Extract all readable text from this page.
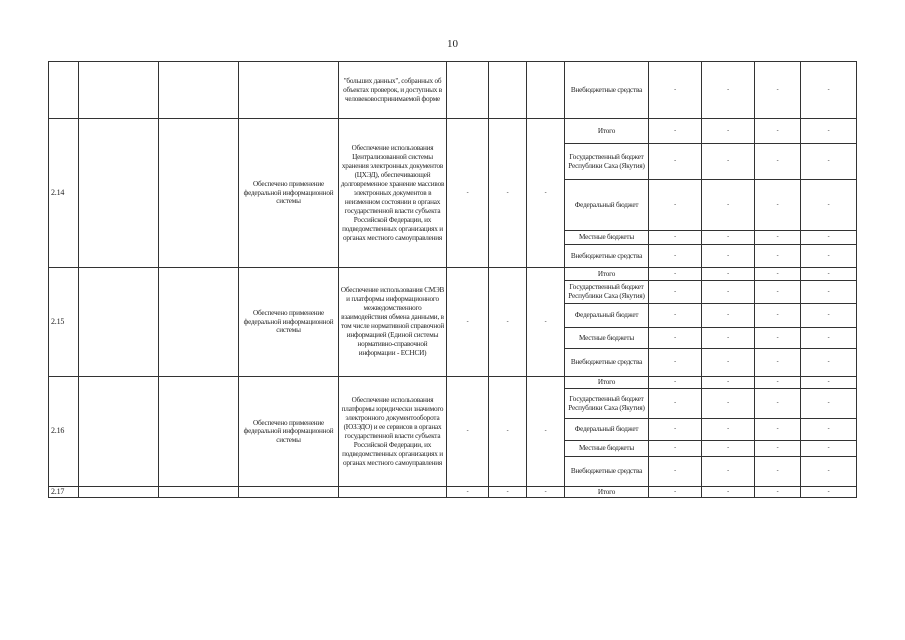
10
				"больших данных", собранных об объектах проверок, и доступных в человековоспринимаемой форме				Внебюджетные средства	-	-	-	-
2.14			Обеспечено применение федеральной информационной системы	Обеспечение использования Централизованной системы хранения электронных документов (ЦХЭД), обеспечивающей долговременное хранение массивов электронных документов в неизменном состоянии в органах государственной власти субъекта Российской Федерации, их подведомственных организациях и органах местного самоуправления	-	-	-	Итого	-	-	-	-
								Государственный бюджет Республики Саха (Якутия)	-	-	-	-
								Федеральный бюджет	-	-	-	-
								Местные бюджеты	-	-	-	-
								Внебюджетные средства	-	-	-	-
2.15			Обеспечено применение федеральной информационной системы	Обеспечение использования СМЭВ и платформы информационного межведомственного взаимодействия обмена данными, в том числе нормативной справочной информацией (Единой системы нормативно-справочной информации - ЕСНСИ)	-	-	-	Итого	-	-	-	-
								Государственный бюджет Республики Саха (Якутия)	-	-	-	-
								Федеральный бюджет	-	-	-	-
								Местные бюджеты	-	-	-	-
								Внебюджетные средства	-	-	-	-
2.16			Обеспечено применение федеральной информационной системы	Обеспечение использования платформы юридически значимого электронного документооборота (ЮЗЭДО) и ее сервисов в органах государственной власти субъекта Российской Федерации, их подведомственных организациях и органах местного самоуправления	-	-	-	Итого	-	-	-	-
								Государственный бюджет Республики Саха (Якутия)	-	-	-	-
								Федеральный бюджет	-	-	-	-
								Местные бюджеты	-	-	-	-
								Внебюджетные средства	-	-	-	-
2.17					-	-	-	Итого	-	-	-	-
